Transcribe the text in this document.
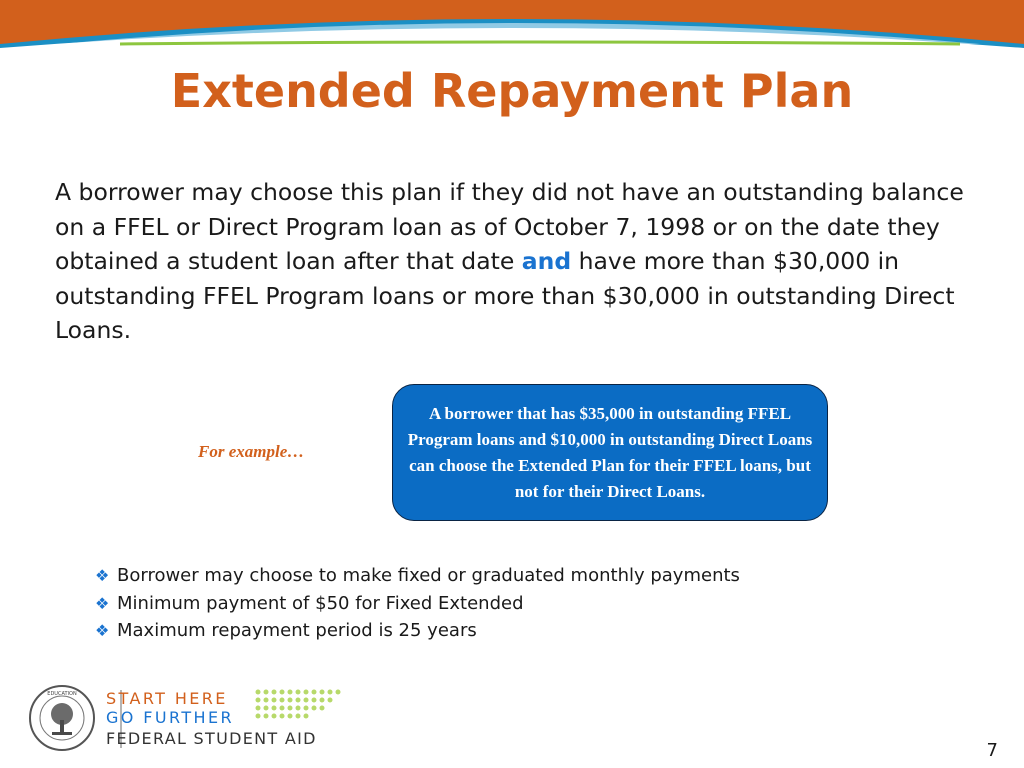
Extended Repayment Plan
A borrower may choose this plan if they did not have an outstanding balance on a FFEL or Direct Program loan as of October 7, 1998 or on the date they obtained a student loan after that date and have more than $30,000 in outstanding FFEL Program loans or more than $30,000 in outstanding Direct Loans.
For example…
A borrower that has $35,000 in outstanding FFEL Program loans and $10,000 in outstanding Direct Loans can choose the Extended Plan for their FFEL loans, but not for their Direct Loans.
❖ Borrower may choose to make fixed or graduated monthly payments
❖ Minimum payment of $50 for Fixed Extended
❖ Maximum repayment period is 25 years
EDUCATION START HERE
GO FURTHER
FEDERAL STUDENT AID
7
